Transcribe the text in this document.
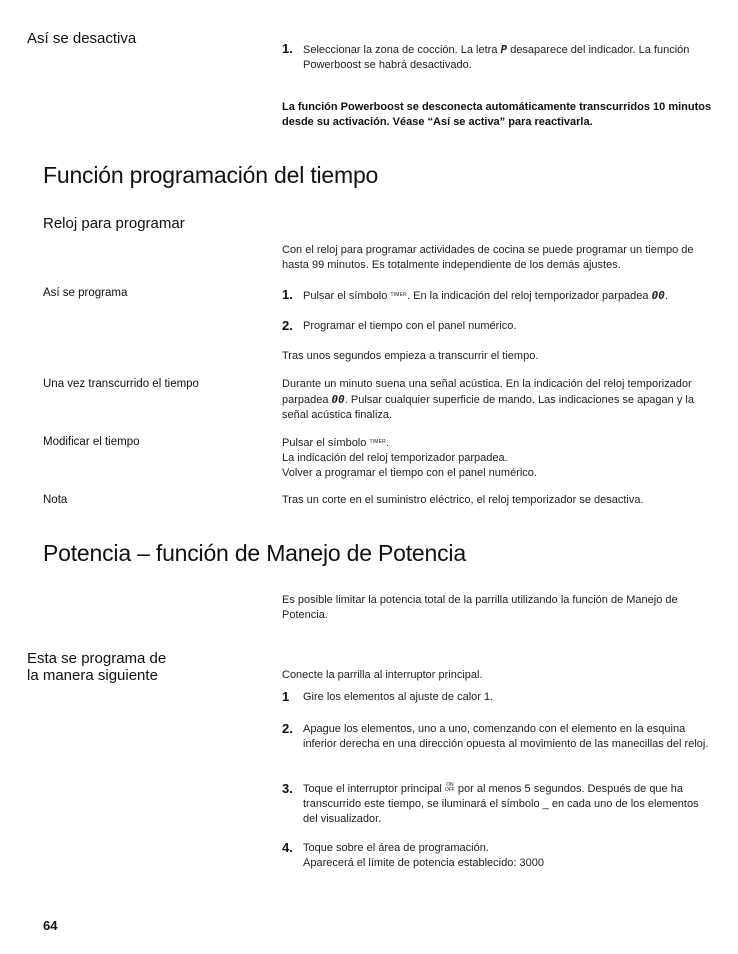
Así se desactiva
1. Seleccionar la zona de cocción. La letra P desaparece del indicador. La función Powerboost se habrá desactivado.
La función Powerboost se desconecta automáticamente transcurridos 10 minutos desde su activación. Véase “Así se activa” para reactivarla.
Función programación del tiempo
Reloj para programar
Con el reloj para programar actividades de cocina se puede programar un tiempo de hasta 99 minutos. Es totalmente independiente de los demás ajustes.
Así se programa	1. Pulsar el símbolo $^{TIMER}$. En la indicación del reloj temporizador parpadea 00.
2. Programar el tiempo con el panel numérico.
Tras unos segundos empieza a transcurrir el tiempo.
Una vez transcurrido el tiempo	Durante un minuto suena una señal acústica. En la indicación del reloj temporizador parpadea 00. Pulsar cualquier superficie de mando. Las indicaciones se apagan y la señal acústica finaliza.
Modificar el tiempo	Pulsar el símbolo $^{TIMER}$.
La indicación del reloj temporizador parpadea.
Volver a programar el tiempo con el panel numérico.
Nota	Tras un corte en el suministro eléctrico, el reloj temporizador se desactiva.
Potencia – función de Manejo de Potencia
Es posible limitar la potencia total de la parrilla utilizando la función de Manejo de Potencia.
Esta se programa de la manera siguiente	Conecte la parrilla al interruptor principal.
1 Gire los elementos al ajuste de calor 1.
2. Apague los elementos, uno a uno, comenzando con el elemento en la esquina inferior derecha en una dirección opuesta al movimiento de las manecillas del reloj.
3. Toque el interruptor principal ON
OFF por al menos 5 segundos. Después de que ha transcurrido este tiempo, se iluminará el símbolo _ en cada uno de los elementos del visualizador.
4. Toque sobre el área de programación.
Aparecerá el límite de potencia establecido: 3000
64
